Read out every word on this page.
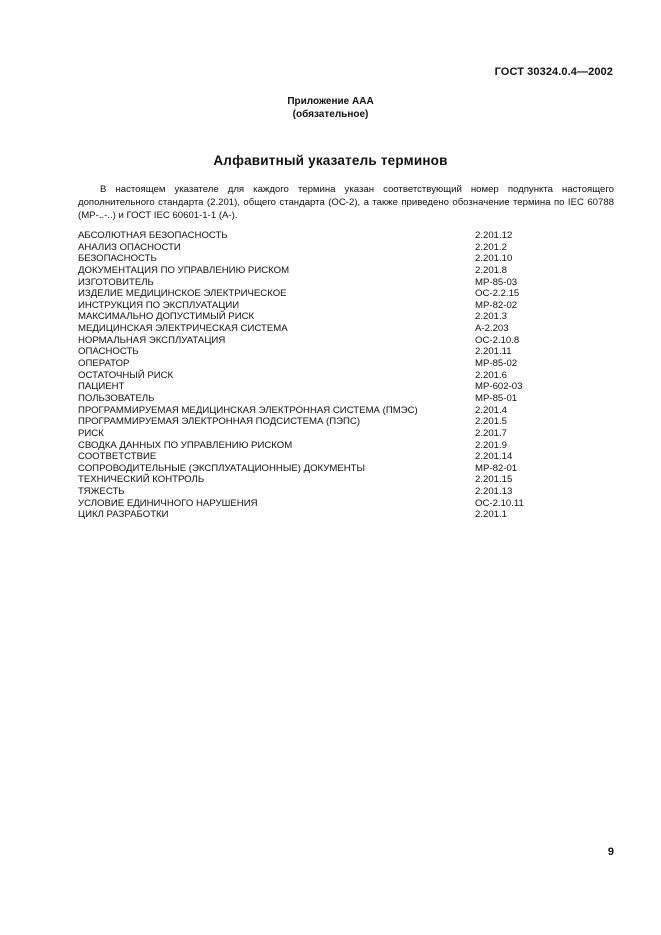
ГОСТ 30324.0.4—2002
Приложение ААА
(обязательное)
Алфавитный указатель терминов

В настоящем указателе для каждого термина указан соответствующий номер подпункта настоящего дополнительного стандарта (2.201), общего стандарта (ОС-2), а также приведено обозначение термина по IEC 60788 (МР-..-..) и ГОСТ IEC 60601-1-1 (А-).

АБСОЛЮТНАЯ БЕЗОПАСНОСТЬ	2.201.12
АНАЛИЗ ОПАСНОСТИ	2.201.2
БЕЗОПАСНОСТЬ	2.201.10
ДОКУМЕНТАЦИЯ ПО УПРАВЛЕНИЮ РИСКОМ	2.201.8
ИЗГОТОВИТЕЛЬ	МР-85-03
ИЗДЕЛИЕ МЕДИЦИНСКОЕ ЭЛЕКТРИЧЕСКОЕ	ОС-2.2.15
ИНСТРУКЦИЯ ПО ЭКСПЛУАТАЦИИ	МР-82-02
МАКСИМАЛЬНО ДОПУСТИМЫЙ РИСК	2.201.3
МЕДИЦИНСКАЯ ЭЛЕКТРИЧЕСКАЯ СИСТЕМА	А-2.203
НОРМАЛЬНАЯ ЭКСПЛУАТАЦИЯ	ОС-2.10.8
ОПАСНОСТЬ	2.201.11
ОПЕРАТОР	МР-85-02
ОСТАТОЧНЫЙ РИСК	2.201.6
ПАЦИЕНТ	МР-602-03
ПОЛЬЗОВАТЕЛЬ	МР-85-01
ПРОГРАММИРУЕМАЯ МЕДИЦИНСКАЯ ЭЛЕКТРОННАЯ СИСТЕМА (ПМЭС)	2.201.4
ПРОГРАММИРУЕМАЯ ЭЛЕКТРОННАЯ ПОДСИСТЕМА (ПЭПС)	2.201.5
РИСК	2.201.7
СВОДКА ДАННЫХ ПО УПРАВЛЕНИЮ РИСКОМ	2.201.9
СООТВЕТСТВИЕ	2.201.14
СОПРОВОДИТЕЛЬНЫЕ (ЭКСПЛУАТАЦИОННЫЕ) ДОКУМЕНТЫ	МР-82-01
ТЕХНИЧЕСКИЙ КОНТРОЛЬ	2.201.15
ТЯЖЕСТЬ	2.201.13
УСЛОВИЕ ЕДИНИЧНОГО НАРУШЕНИЯ	ОС-2.10.11
ЦИКЛ РАЗРАБОТКИ	2.201.1
9
